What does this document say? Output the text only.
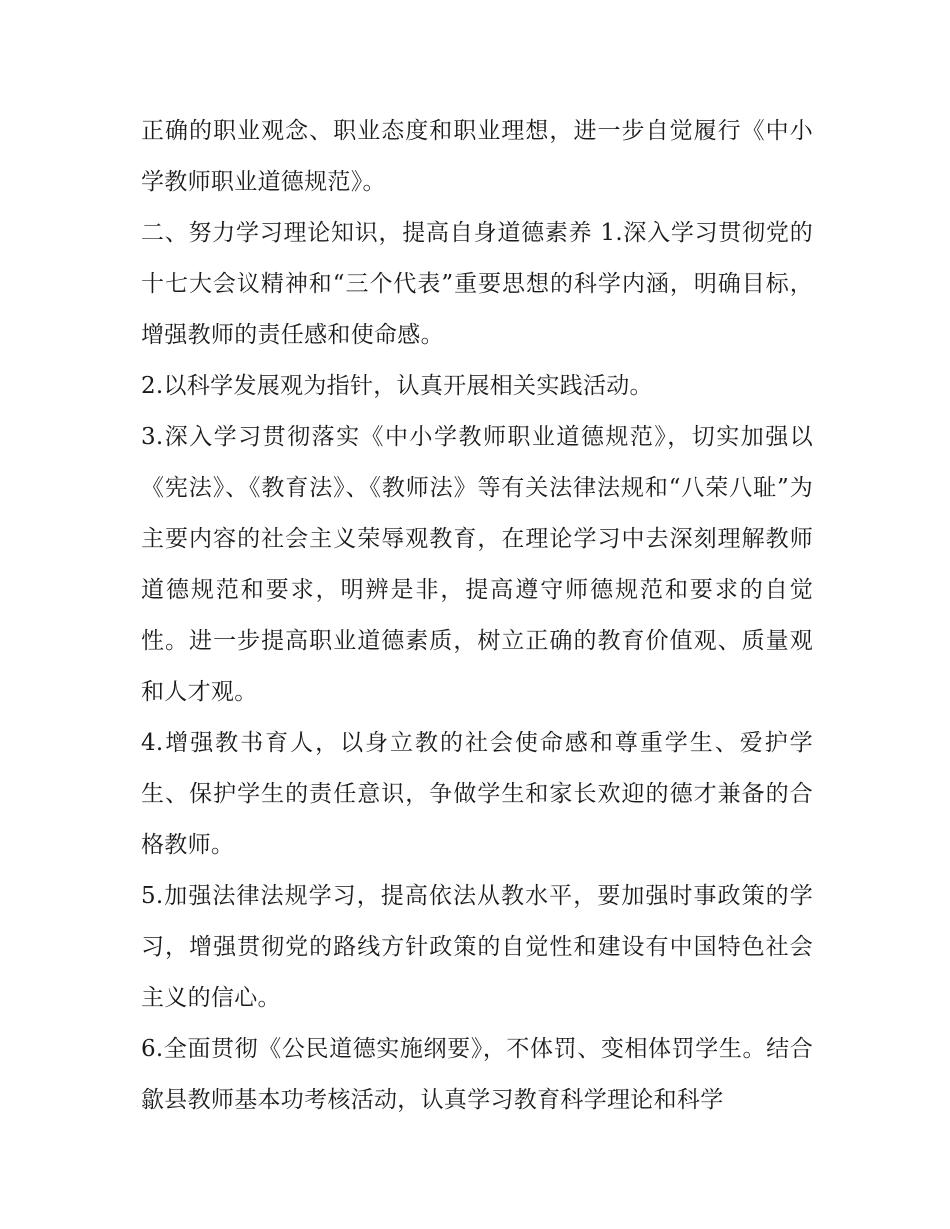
正确的职业观念、职业态度和职业理想，进一步自觉履行《中小学教师职业道德规范》。

二、努力学习理论知识，提高自身道德素养 1.深入学习贯彻党的十七大会议精神和“三个代表”重要思想的科学内涵，明确目标，增强教师的责任感和使命感。

2.以科学发展观为指针，认真开展相关实践活动。

3.深入学习贯彻落实《中小学教师职业道德规范》，切实加强以《宪法》、《教育法》、《教师法》等有关法律法规和“八荣八耻”为主要内容的社会主义荣辱观教育，在理论学习中去深刻理解教师道德规范和要求，明辨是非，提高遵守师德规范和要求的自觉性。进一步提高职业道德素质，树立正确的教育价值观、质量观和人才观。

4.增强教书育人，以身立教的社会使命感和尊重学生、爱护学生、保护学生的责任意识，争做学生和家长欢迎的德才兼备的合格教师。

5.加强法律法规学习，提高依法从教水平，要加强时事政策的学习，增强贯彻党的路线方针政策的自觉性和建设有中国特色社会主义的信心。

6.全面贯彻《公民道德实施纲要》，不体罚、变相体罚学生。结合歙县教师基本功考核活动，认真学习教育科学理论和科学
